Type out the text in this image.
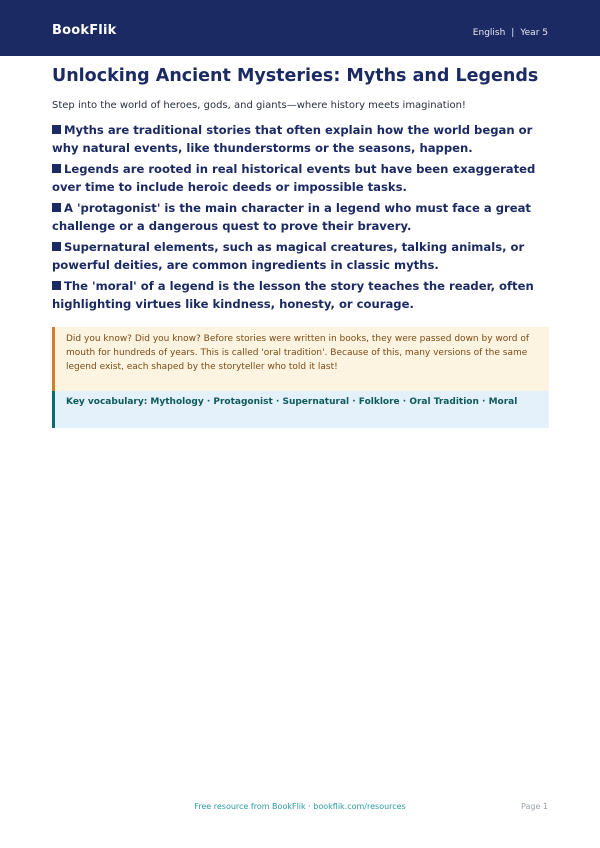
BookFlik	English | Year 5
Unlocking Ancient Mysteries: Myths and Legends

Step into the world of heroes, gods, and giants—where history meets imagination!

Myths are traditional stories that often explain how the world began or why natural events, like thunderstorms or the seasons, happen.
Legends are rooted in real historical events but have been exaggerated over time to include heroic deeds or impossible tasks.
A 'protagonist' is the main character in a legend who must face a great challenge or a dangerous quest to prove their bravery.
Supernatural elements, such as magical creatures, talking animals, or powerful deities, are common ingredients in classic myths.
The 'moral' of a legend is the lesson the story teaches the reader, often highlighting virtues like kindness, honesty, or courage.
Did you know? Did you know? Before stories were written in books, they were passed down by word of mouth for hundreds of years. This is called 'oral tradition'. Because of this, many versions of the same legend exist, each shaped by the storyteller who told it last!
Key vocabulary: Mythology · Protagonist · Supernatural · Folklore · Oral Tradition · Moral
Free resource from BookFlik · bookflik.com/resources	Page 1
